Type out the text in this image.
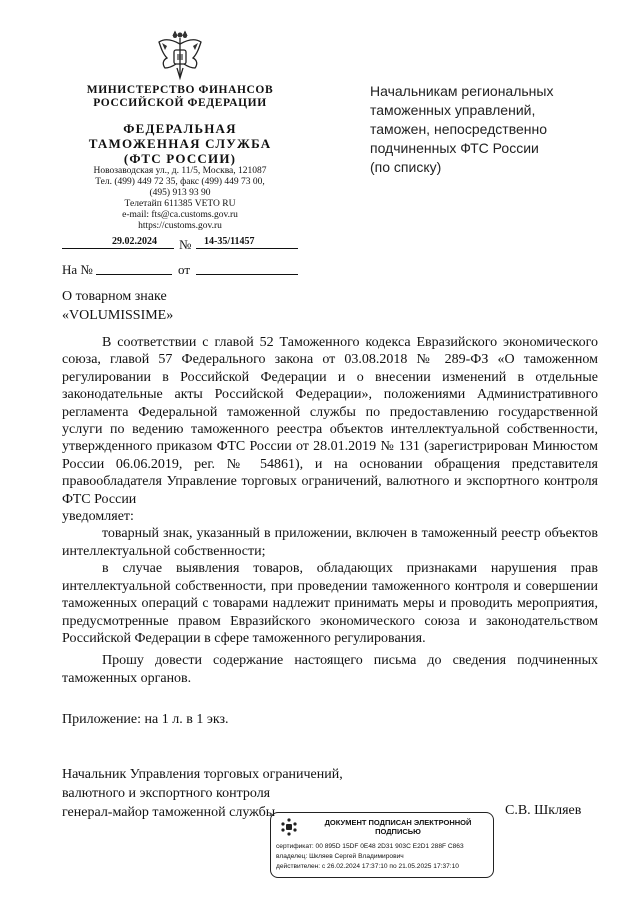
МИНИСТЕРСТВО ФИНАНСОВ
РОССИЙСКОЙ ФЕДЕРАЦИИ
ФЕДЕРАЛЬНАЯ
ТАМОЖЕННАЯ СЛУЖБА
(ФТС РОССИИ)
Новозаводская ул., д. 11/5, Москва, 121087
Тел. (499) 449 72 35, факс (499) 449 73 00,
(495) 913 93 90
Телетайп 611385 VETO RU
e-mail: fts@ca.customs.gov.ru
https://customs.gov.ru
29.02.2024 № 14-35/11457
На №	от
Начальникам региональных
таможенных управлений,
таможен, непосредственно
подчиненных ФТС России
(по списку)
О товарном знаке
«VOLUMISSIME»

В соответствии с главой 52 Таможенного кодекса Евразийского экономического союза, главой 57 Федерального закона от 03.08.2018 № 289-ФЗ «О таможенном регулировании в Российской Федерации и о внесении изменений в отдельные законодательные акты Российской Федерации», положениями Административного регламента Федеральной таможенной службы по предоставлению государственной услуги по ведению таможенного реестра объектов интеллектуальной собственности, утвержденного приказом ФТС России от 28.01.2019 № 131 (зарегистрирован Минюстом России 06.06.2019, рег. № 54861), и на основании обращения представителя правообладателя Управление торговых ограничений, валютного и экспортного контроля ФТС России

уведомляет:

товарный знак, указанный в приложении, включен в таможенный реестр объектов интеллектуальной собственности;

в случае выявления товаров, обладающих признаками нарушения прав интеллектуальной собственности, при проведении таможенного контроля и совершении таможенных операций с товарами надлежит принимать меры и проводить мероприятия, предусмотренные правом Евразийского экономического союза и законодательством Российской Федерации в сфере таможенного регулирования.

Прошу довести содержание настоящего письма до сведения подчиненных таможенных органов.

Приложение: на 1 л. в 1 экз.
Начальник Управления торговых ограничений,
валютного и экспортного контроля
генерал-майор таможенной службы	С.В. Шкляев
ДОКУМЕНТ ПОДПИСАН ЭЛЕКТРОННОЙ
ПОДПИСЬЮ
сертификат: 00 895D 15DF 0E48 2D31 903C E2D1 288F C863
владелец: Шкляев Сергей Владимирович
действителен: с 26.02.2024 17:37:10 по 21.05.2025 17:37:10
